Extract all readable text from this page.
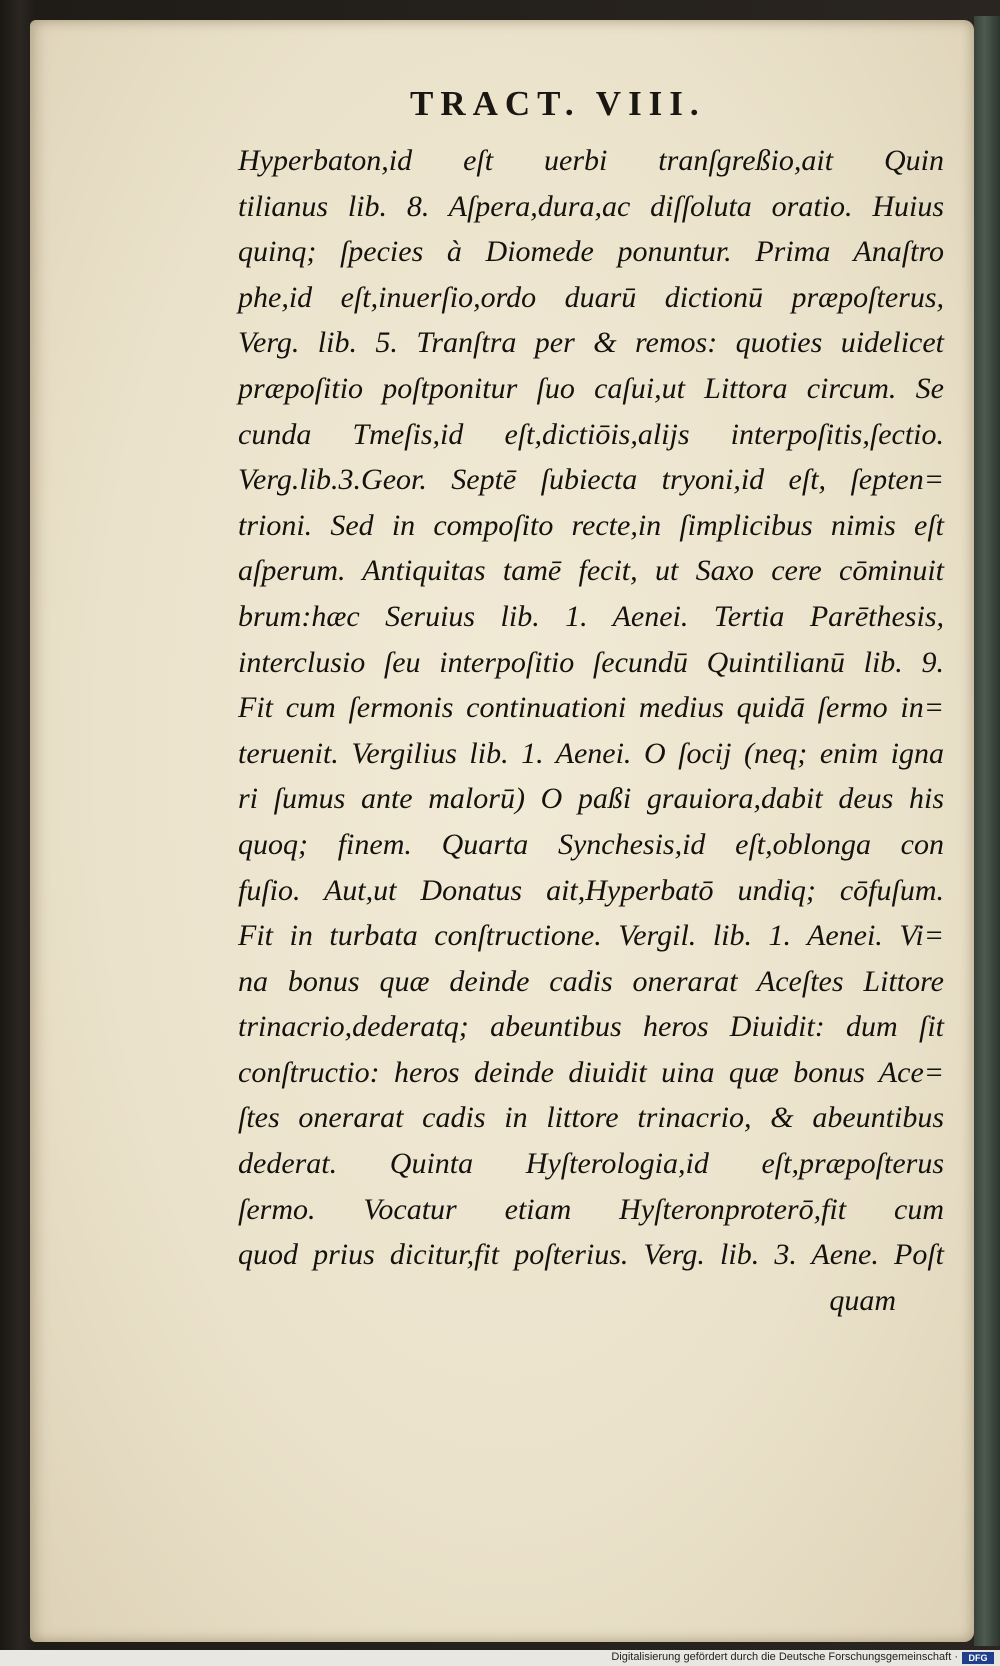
TRACT. VIII.
Hyperbaton,id eſt uerbi tranſgreßio,ait Quin
tilianus lib. 8. Aſpera,dura,ac diſſoluta oratio. Huius
quinq; ſpecies à Diomede ponuntur. Prima Anaſtro
phe,id eſt,inuerſio,ordo duarū dictionū præpoſterus,
Verg. lib. 5. Tranſtra per & remos: quoties uidelicet
præpoſitio poſtponitur ſuo caſui,ut Littora circum. Se
cunda Tmeſis,id eſt,dictiōis,alijs interpoſitis,ſectio.
Verg.lib.3.Geor. Septē ſubiecta tryoni,id eſt, ſepten=
trioni. Sed in compoſito recte,in ſimplicibus nimis eſt
aſperum. Antiquitas tamē fecit, ut Saxo cere cōminuit
brum:hæc Seruius lib. 1. Aenei. Tertia Parēthesis,
interclusio ſeu interpoſitio ſecundū Quintilianū lib. 9.
Fit cum ſermonis continuationi medius quidā ſermo in=
teruenit. Vergilius lib. 1. Aenei. O ſocij (neq; enim igna
ri ſumus ante malorū) O paßi grauiora,dabit deus his
quoq; finem. Quarta Synchesis,id eſt,oblonga con
fuſio. Aut,ut Donatus ait,Hyperbatō undiq; cōfuſum.
Fit in turbata conſtructione. Vergil. lib. 1. Aenei. Vi=
na bonus quæ deinde cadis onerarat Aceſtes Littore
trinacrio,dederatq; abeuntibus heros Diuidit: dum ſit
conſtructio: heros deinde diuidit uina quæ bonus Ace=
ſtes onerarat cadis in littore trinacrio, & abeuntibus
dederat. Quinta Hyſterologia,id eſt,præpoſterus
ſermo. Vocatur etiam Hyſteronproterō,fit cum
quod prius dicitur,fit poſterius. Verg. lib. 3. Aene. Poſt
quam
Digitalisierung gefördert durch die Deutsche Forschungsgemeinschaft ·	DFG
